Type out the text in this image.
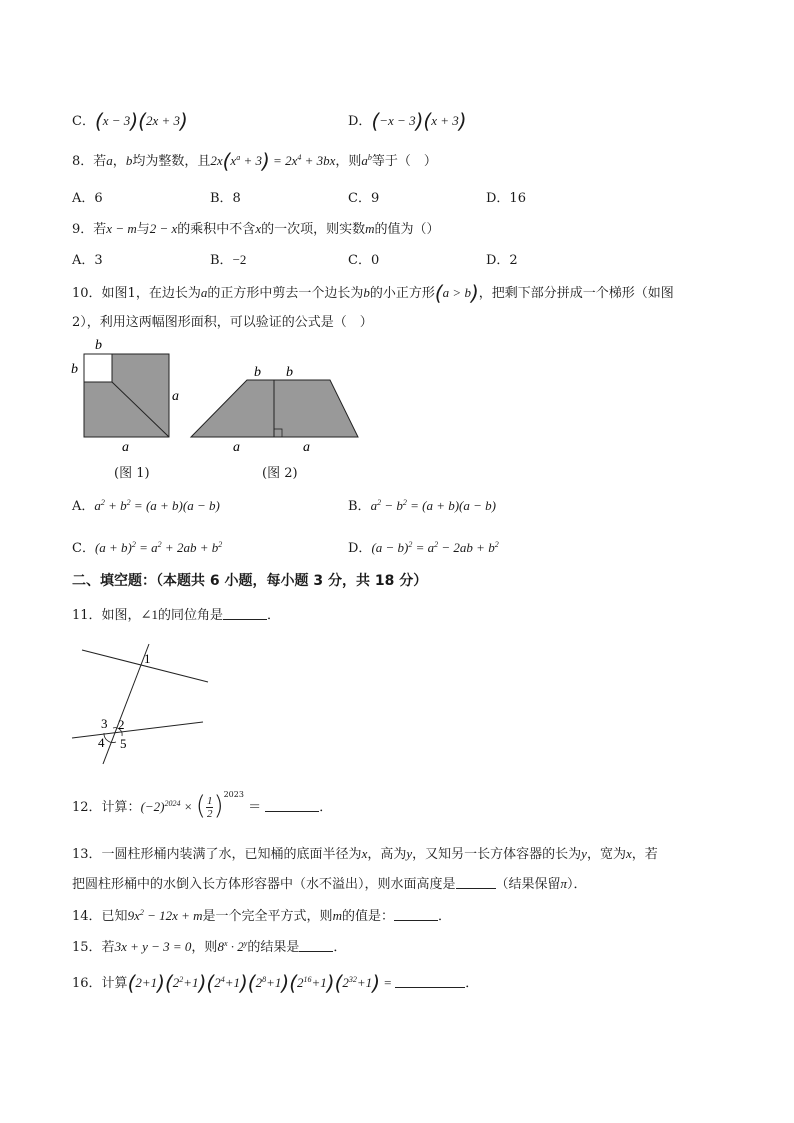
C．(x − 3)(2x + 3)	D．(−x − 3)(x + 3)
8．若a，b均为整数，且$2x(x^a + 3) = 2x^4 + 3bx$，则$a^b$等于（　）
A．6	B．8	C．9	D．16
9．若x − m与2 − x的乘积中不含x的一次项，则实数m的值为（）
A．3	B．−2	C．0	D．2
10．如图1，在边长为a的正方形中剪去一个边长为b的小正方形(a > b)，把剩下部分拼成一个梯形（如图
2），利用这两幅图形面积，可以验证的公式是（　）
b
b
a
a
b b
a	a
(图 1)	(图 2)
A．$a^2 + b^2 = (a + b)(a - b)$	B．$a^2 - b^2 = (a + b)(a - b)$
C．$(a + b)^2 = a^2 + 2ab + b^2$	D．$(a - b)^2 = a^2 - 2ab + b^2$
二、填空题：（本题共 6 小题，每小题 3 分，共 18 分）
11．如图，∠1的同位角是	．
1
2
3
4 5
12．计算：$(-2)^{2024}$ × ( $\frac{1}{2} )^{2023}$ ＝	．
13．一圆柱形桶内装满了水，已知桶的底面半径为x，高为y，又知另一长方体容器的长为y，宽为x，若
把圆柱形桶中的水倒入长方体形容器中（水不溢出），则水面高度是	（结果保留π）．
14．已知$9x^2 - 12x + m$是一个完全平方式，则m的值是：	．
15．若3x + y − 3 = 0，则$8^x \cdot 2^y$的结果是	．
16．计算$(2+1)(2^2+1)(2^4+1)(2^8+1)(2^{16}+1)(2^{32}+1)$ =	．
